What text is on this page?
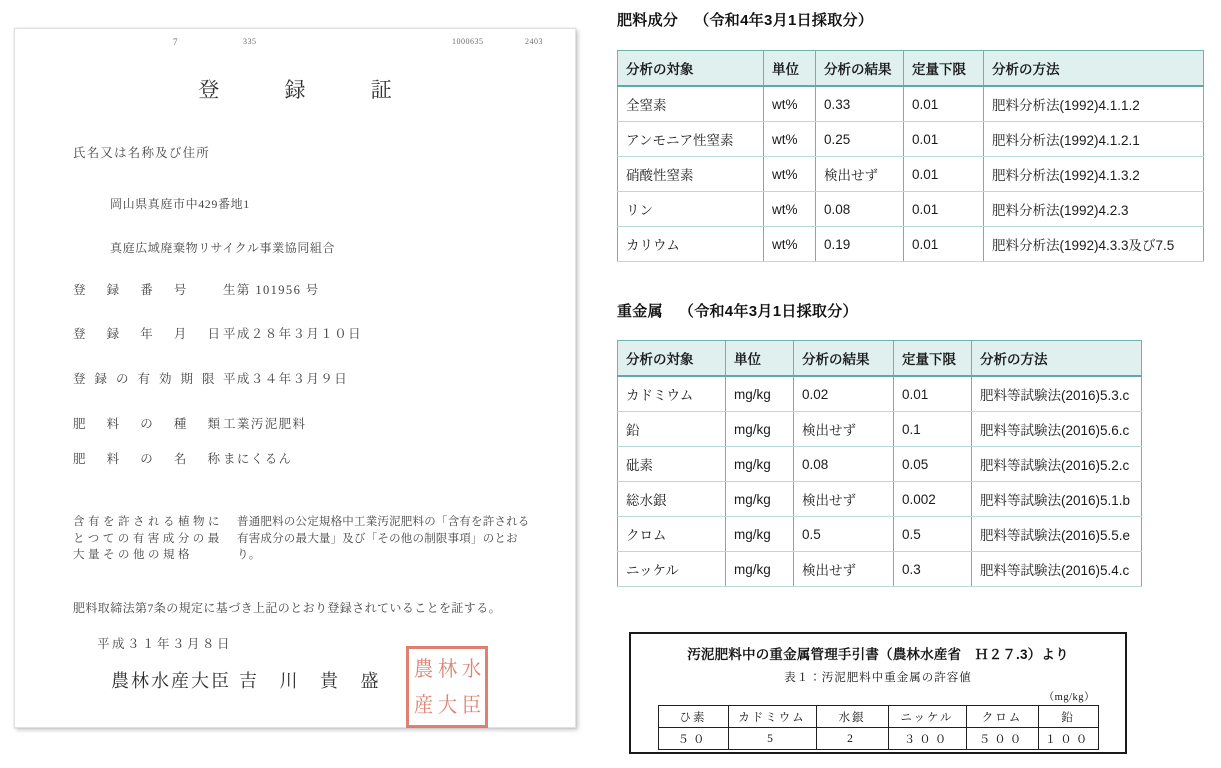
7	335	1000635	2403
登 録 証
氏名又は名称及び住所
岡山県真庭市中429番地1
真庭広域廃棄物リサイクル事業協同組合
登 録 番 号 生第 101956 号
登 録 年 月 日平成２８年３月１０日
登録の有効期限平成３４年３月９日
肥 料 の 種 類工業汚泥肥料
肥 料 の 名 称まにくるん
含有を許される植物にとつての有害成分の最大量その他の規格
普通肥料の公定規格中工業汚泥肥料の「含有を許される有害成分の最大量」及び「その他の制限事項」のとおり。
肥料取締法第7条の規定に基づき上記のとおり登録されていることを証する。
平成３１年３月８日
農林水産大臣 吉 川 貴 盛
農 林 水
産 大 臣
肥料成分 （令和4年3月1日採取分）
分析の対象	単位	分析の結果	定量下限	分析の方法
全窒素	wt%	0.33	0.01	肥料分析法(1992)4.1.1.2
アンモニア性窒素	wt%	0.25	0.01	肥料分析法(1992)4.1.2.1
硝酸性窒素	wt%	検出せず	0.01	肥料分析法(1992)4.1.3.2
リン	wt%	0.08	0.01	肥料分析法(1992)4.2.3
カリウム	wt%	0.19	0.01	肥料分析法(1992)4.3.3及び7.5
重金属 （令和4年3月1日採取分）
分析の対象	単位	分析の結果	定量下限	分析の方法
カドミウム	mg/kg	0.02	0.01	肥料等試験法(2016)5.3.c
鉛	mg/kg	検出せず	0.1	肥料等試験法(2016)5.6.c
砒素	mg/kg	0.08	0.05	肥料等試験法(2016)5.2.c
総水銀	mg/kg	検出せず	0.002	肥料等試験法(2016)5.1.b
クロム	mg/kg	0.5	0.5	肥料等試験法(2016)5.5.e
ニッケル	mg/kg	検出せず	0.3	肥料等試験法(2016)5.4.c
汚泥肥料中の重金属管理手引書（農林水産省　Ｈ２７.3）より
表１：汚泥肥料中重金属の許容値
（mg/kg）
ひ素	カドミウム	水銀	ニッケル	クロム	鉛
５０	5	2	３００	５００	１００
